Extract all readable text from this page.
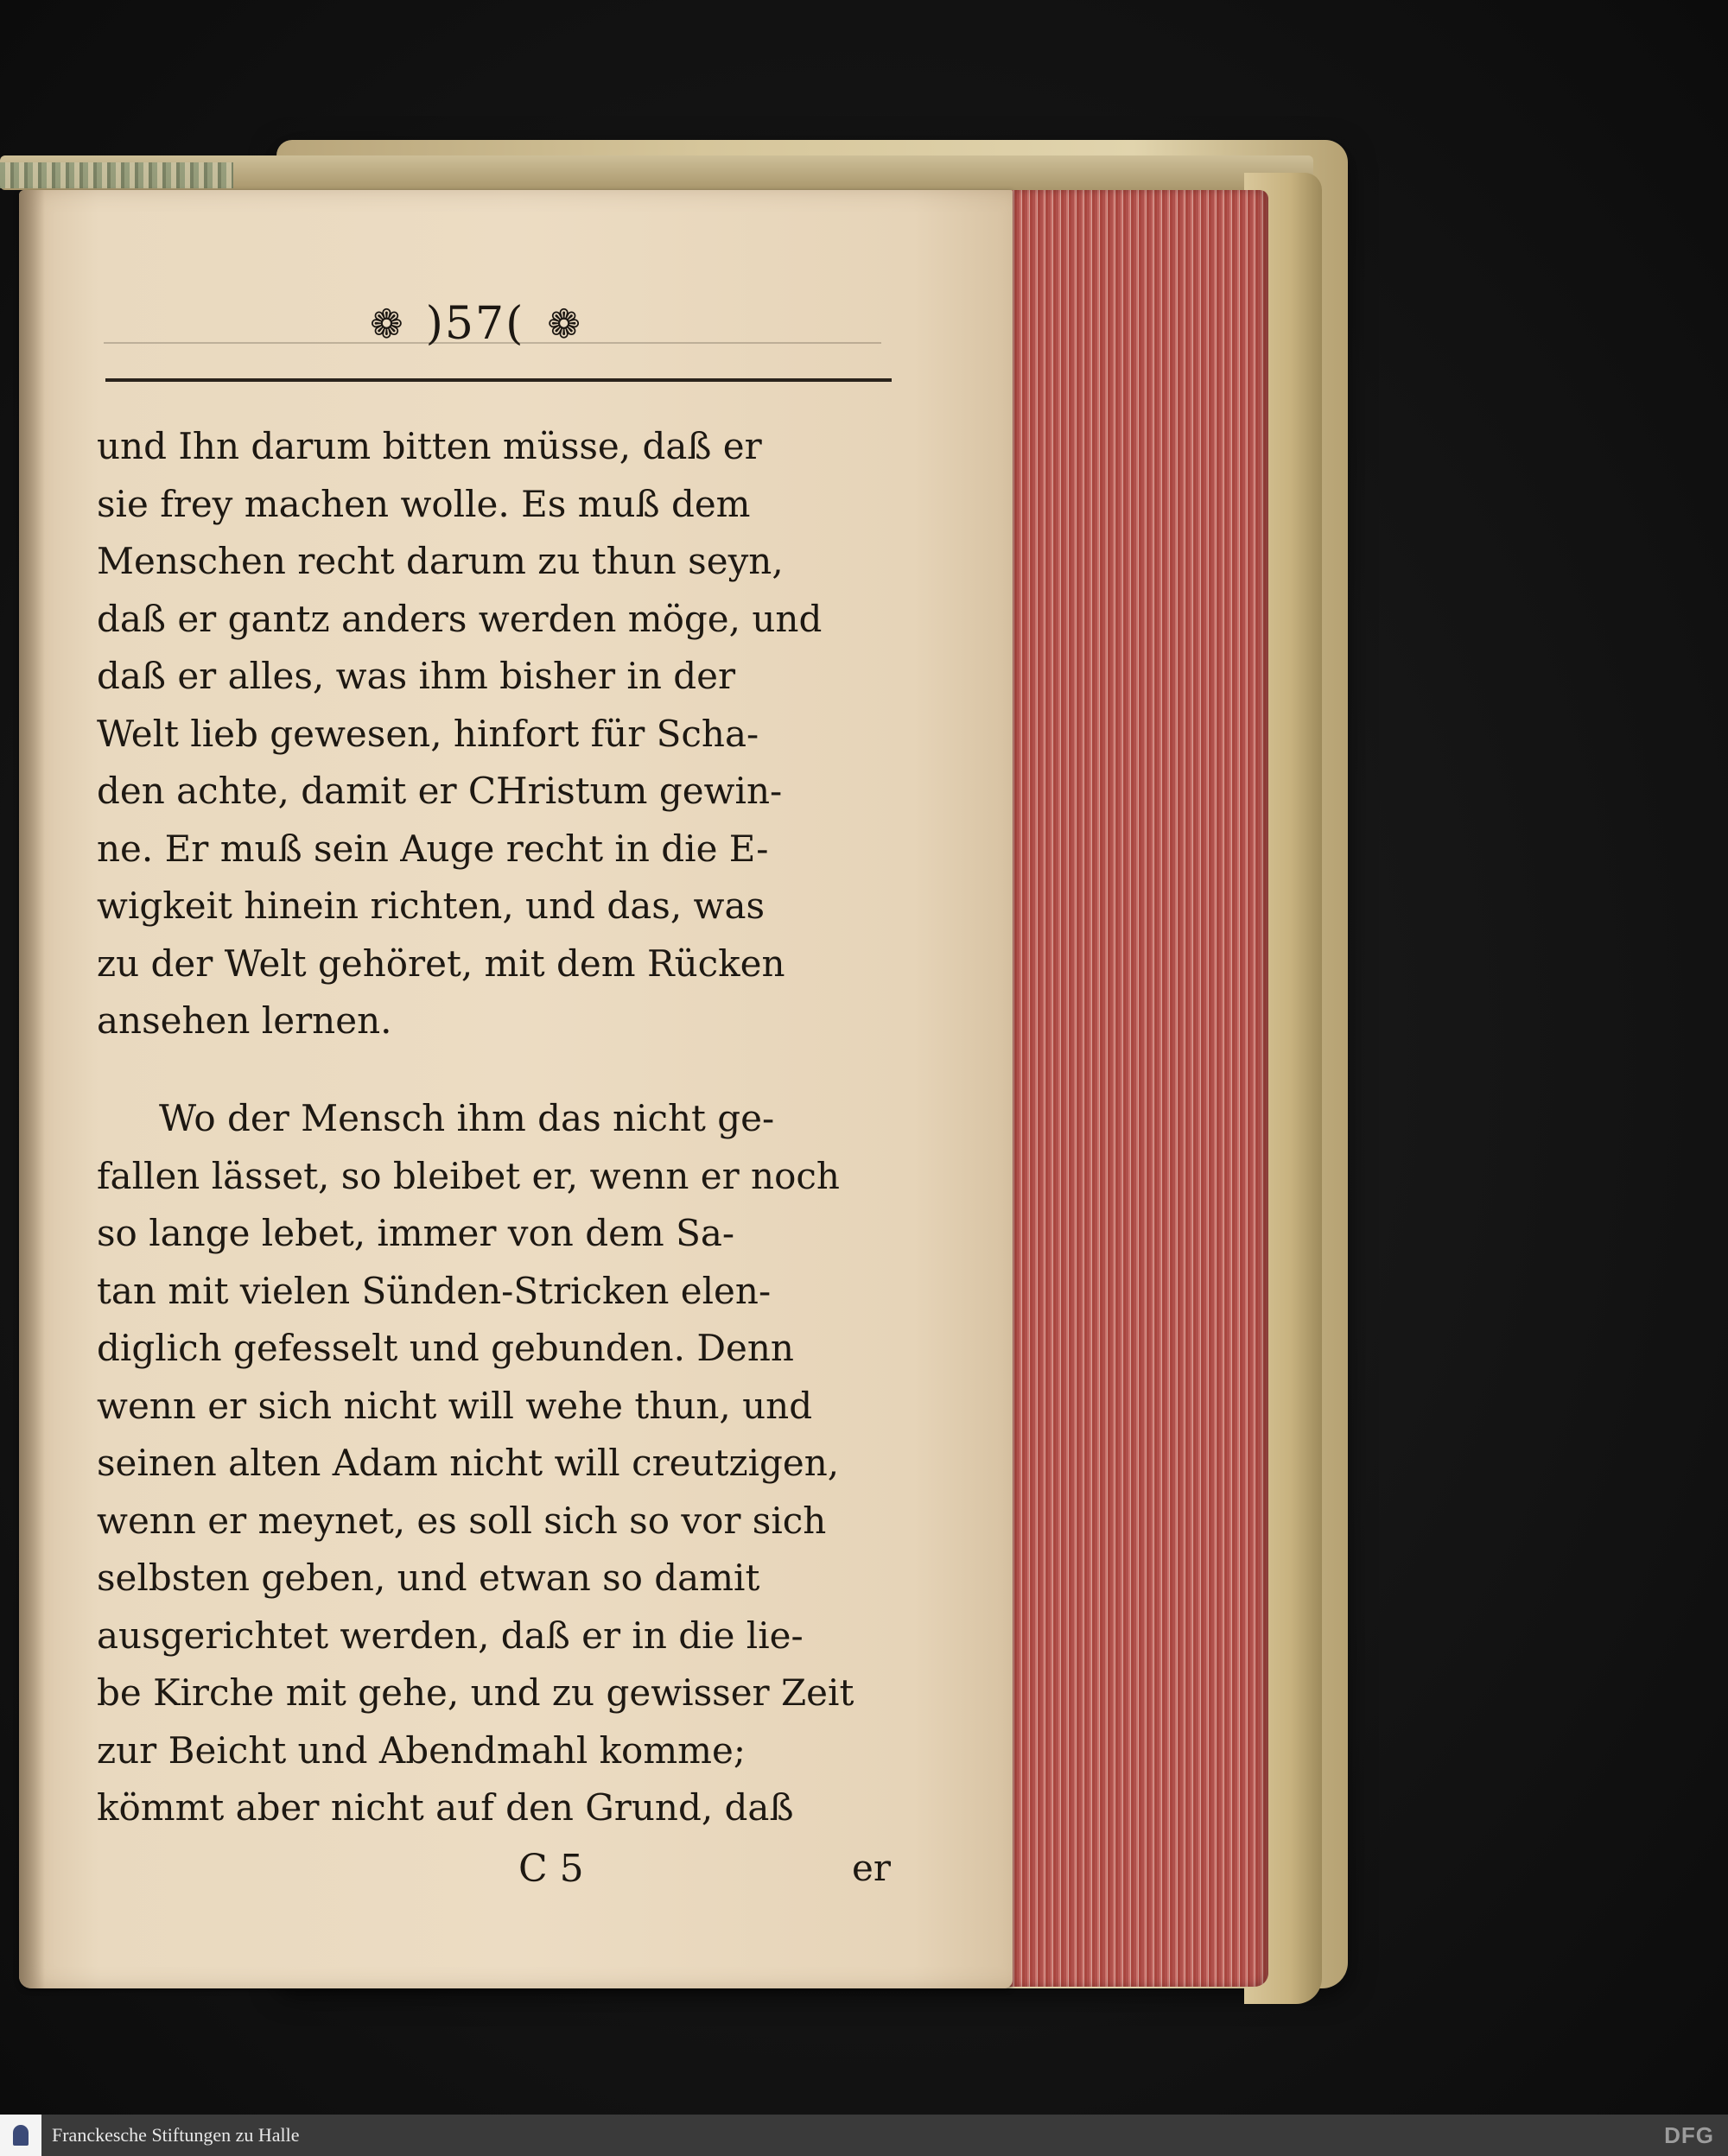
❁ )57( ❁

und Ihn darum bitten müsse, daß er
sie frey machen wolle. Es muß dem
Menschen recht darum zu thun seyn,
daß er gantz anders werden möge, und
daß er alles, was ihm bisher in der
Welt lieb gewesen, hinfort für Scha-
den achte, damit er CHristum gewin-
ne. Er muß sein Auge recht in die E-
wigkeit hinein richten, und das, was
zu der Welt gehöret, mit dem Rücken
ansehen lernen.

Wo der Mensch ihm das nicht ge-
fallen lässet, so bleibet er, wenn er noch
so lange lebet, immer von dem Sa-
tan mit vielen Sünden-Stricken elen-
diglich gefesselt und gebunden. Denn
wenn er sich nicht will wehe thun, und
seinen alten Adam nicht will creutzigen,
wenn er meynet, es soll sich so vor sich
selbsten geben, und etwan so damit
ausgerichtet werden, daß er in die lie-
be Kirche mit gehe, und zu gewisser Zeit
zur Beicht und Abendmahl komme;
kömmt aber nicht auf den Grund, daß

C 5	er
Franckesche Stiftungen zu Halle	DFG
